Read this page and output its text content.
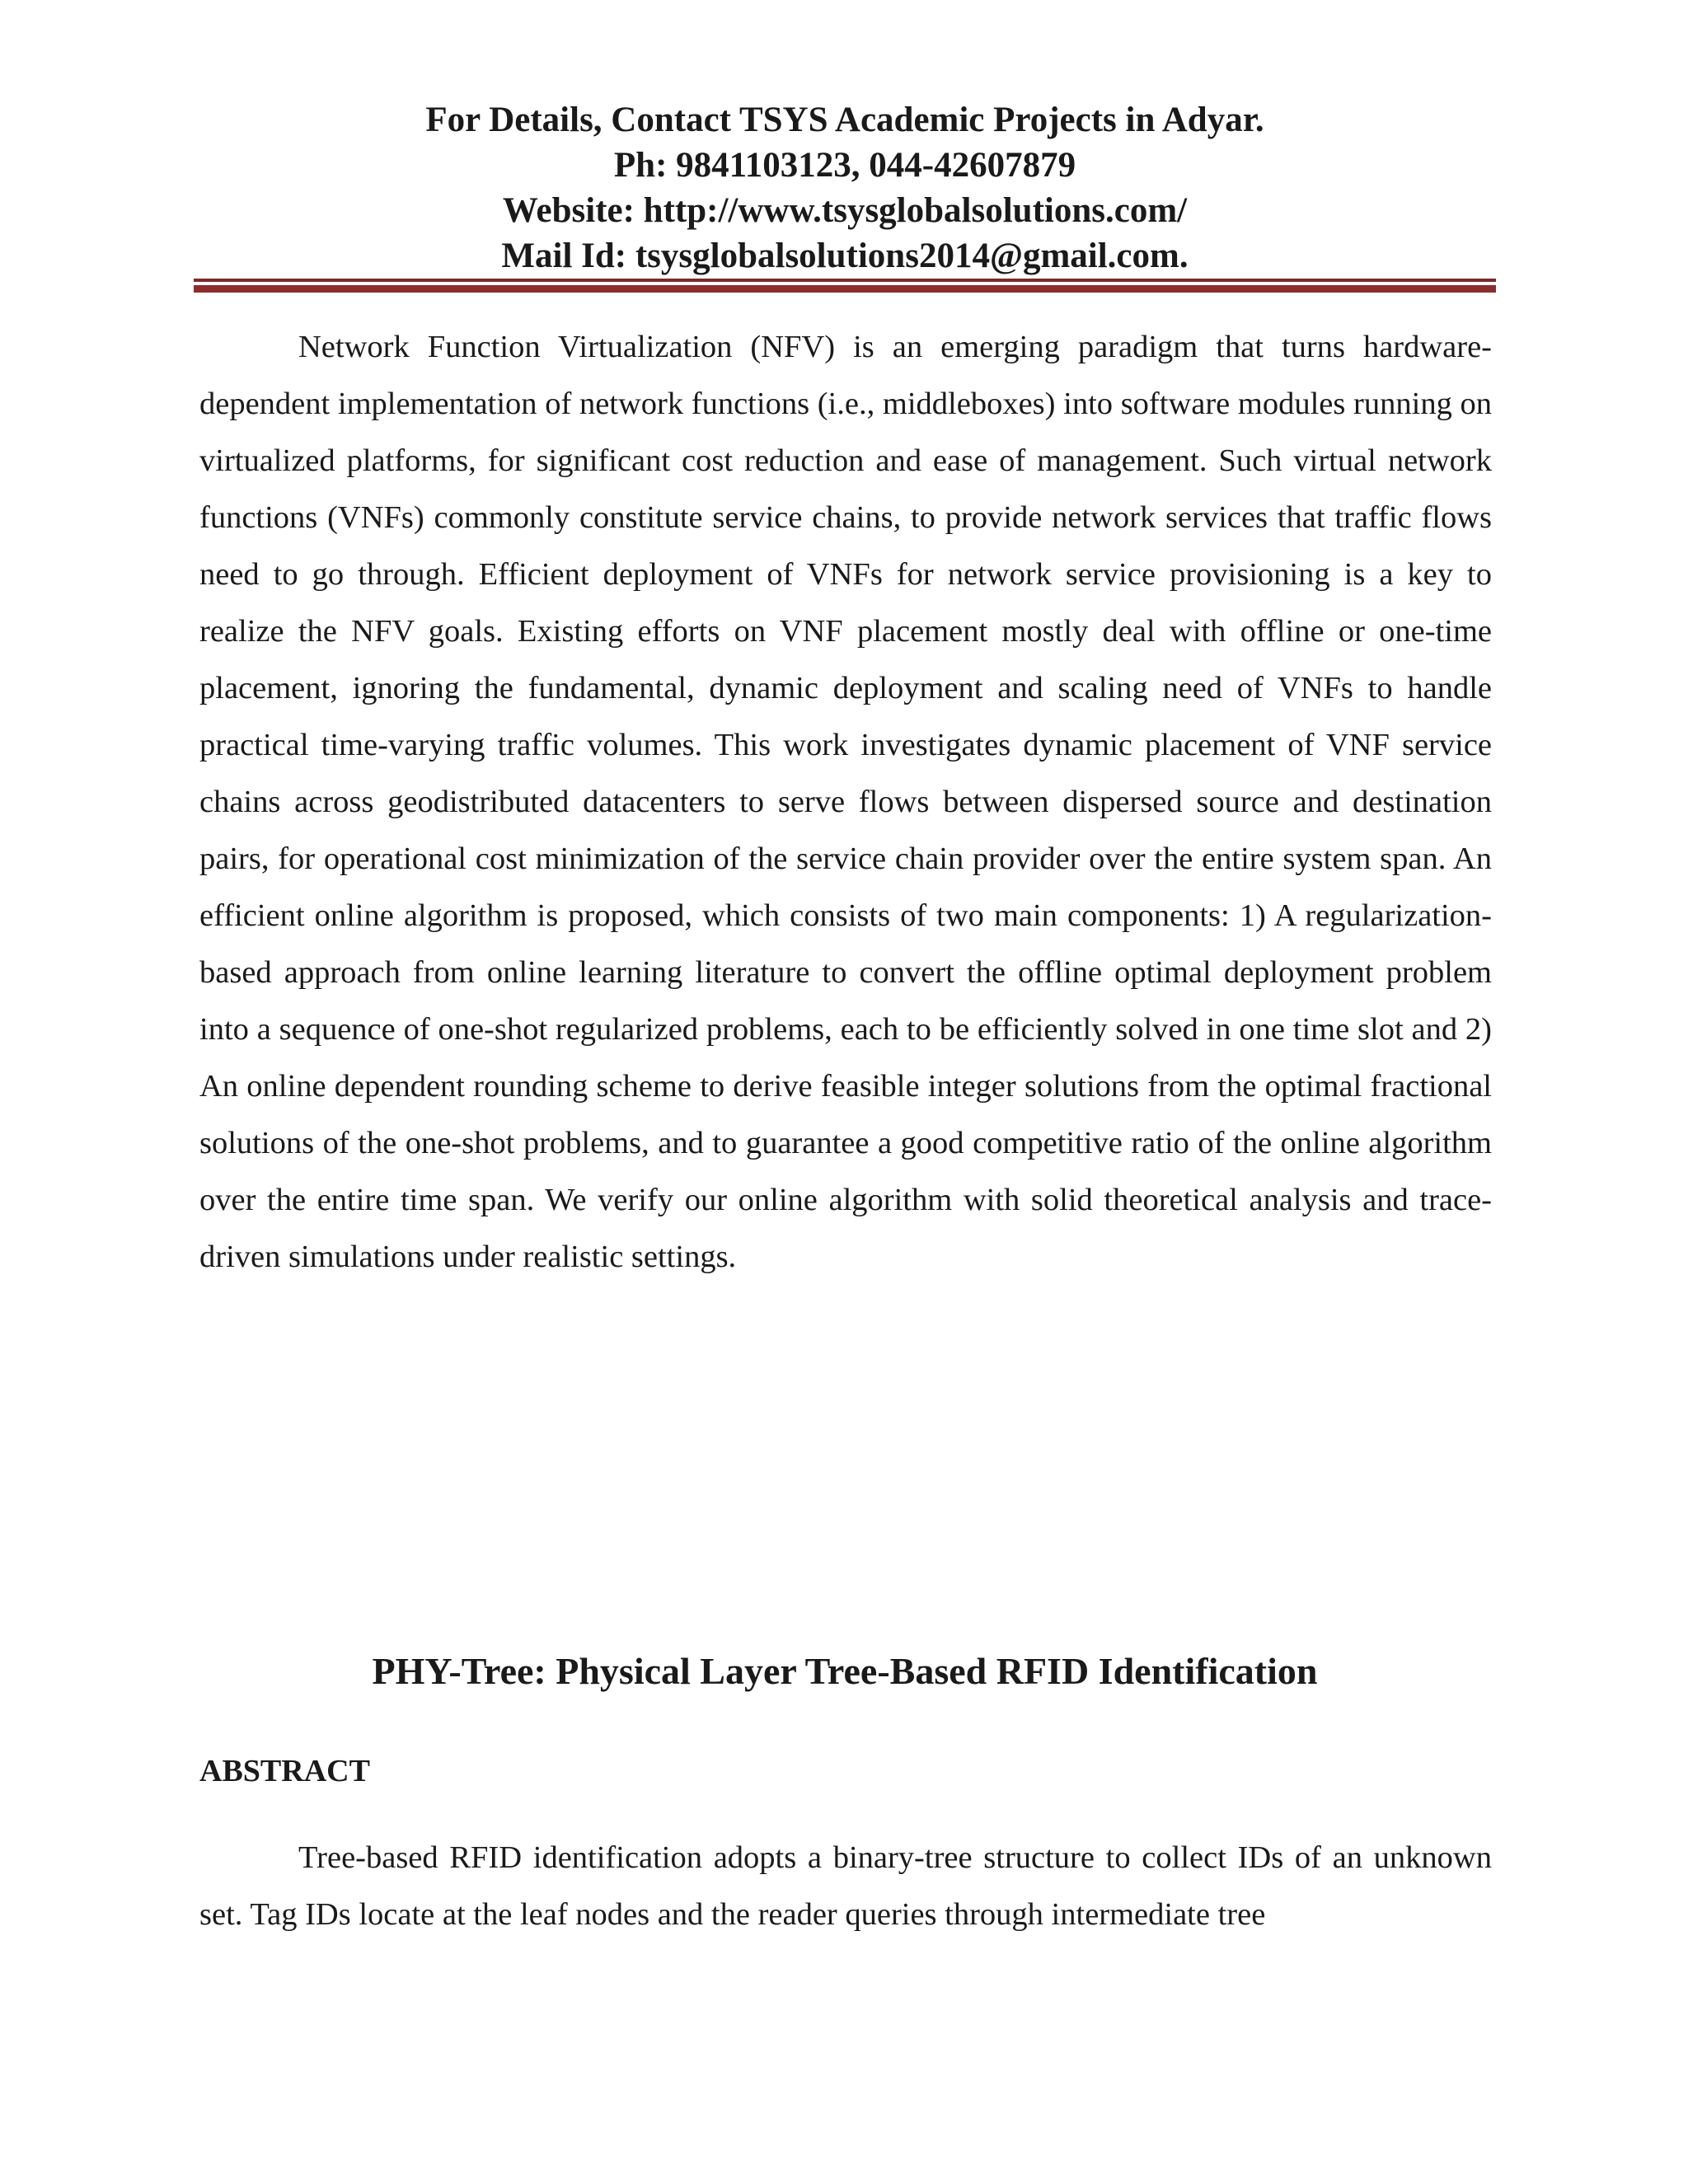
For Details, Contact TSYS Academic Projects in Adyar.
Ph: 9841103123, 044-42607879
Website: http://www.tsysglobalsolutions.com/
Mail Id: tsysglobalsolutions2014@gmail.com.

Network Function Virtualization (NFV) is an emerging paradigm that turns hardware-dependent implementation of network functions (i.e., middleboxes) into software modules running on virtualized platforms, for significant cost reduction and ease of management. Such virtual network functions (VNFs) commonly constitute service chains, to provide network services that traffic flows need to go through. Efficient deployment of VNFs for network service provisioning is a key to realize the NFV goals. Existing efforts on VNF placement mostly deal with offline or one-time placement, ignoring the fundamental, dynamic deployment and scaling need of VNFs to handle practical time-varying traffic volumes. This work investigates dynamic placement of VNF service chains across geodistributed datacenters to serve flows between dispersed source and destination pairs, for operational cost minimization of the service chain provider over the entire system span. An efficient online algorithm is proposed, which consists of two main components: 1) A regularization-based approach from online learning literature to convert the offline optimal deployment problem into a sequence of one-shot regularized problems, each to be efficiently solved in one time slot and 2) An online dependent rounding scheme to derive feasible integer solutions from the optimal fractional solutions of the one-shot problems, and to guarantee a good competitive ratio of the online algorithm over the entire time span. We verify our online algorithm with solid theoretical analysis and trace-driven simulations under realistic settings.

PHY-Tree: Physical Layer Tree-Based RFID Identification
ABSTRACT

Tree-based RFID identification adopts a binary-tree structure to collect IDs of an unknown set. Tag IDs locate at the leaf nodes and the reader queries through intermediate tree
